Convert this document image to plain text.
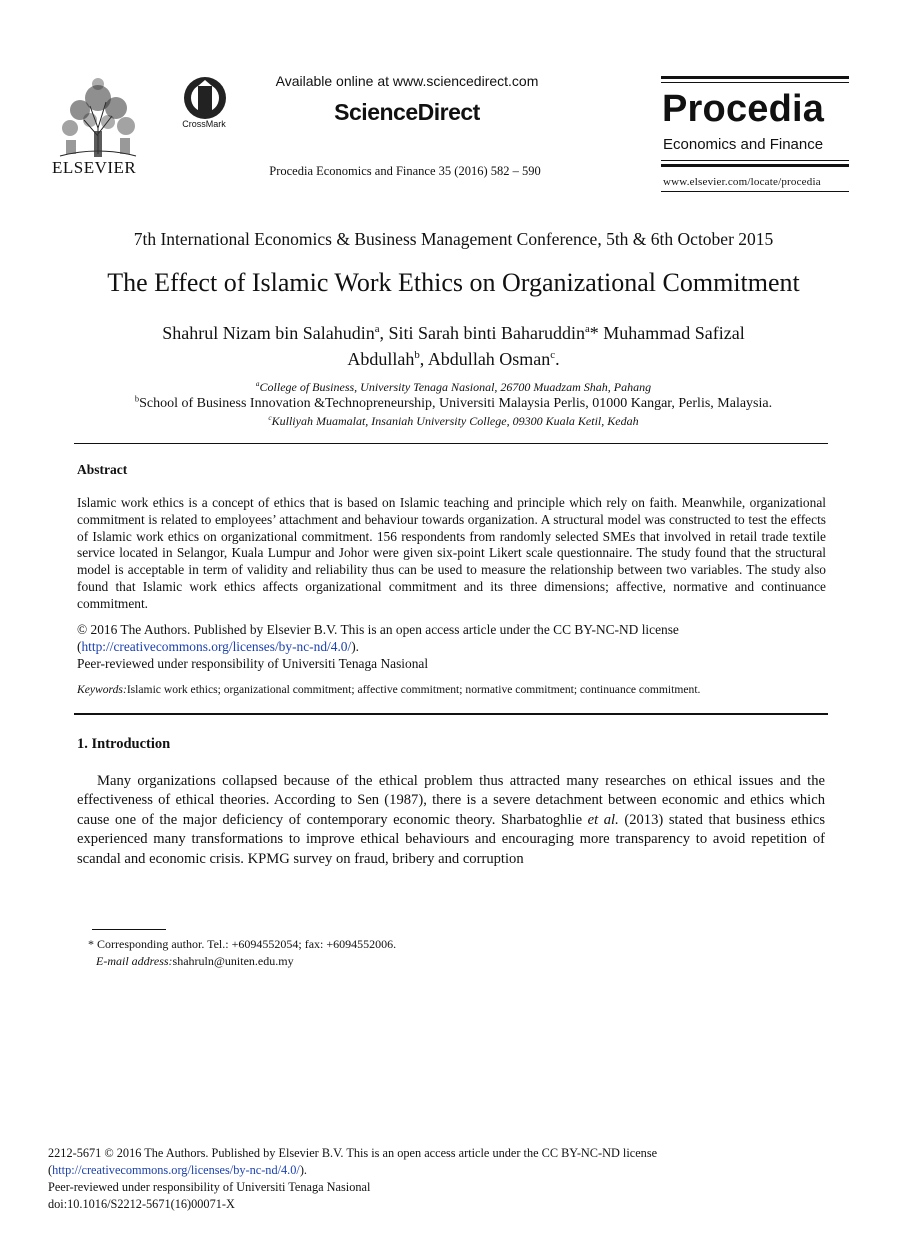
ELSEVIER
CrossMark
Available online at www.sciencedirect.com
ScienceDirect
Procedia Economics and Finance 35 (2016) 582 – 590
Procedia
Economics and Finance
www.elsevier.com/locate/procedia
7th International Economics & Business Management Conference, 5th & 6th October 2015
The Effect of Islamic Work Ethics on Organizational Commitment
Shahrul Nizam bin Salahudin$^a$, Siti Sarah binti Baharuddin$^a$* Muhammad Safizal
Abdullah$^b$, Abdullah Osman$^c$.
$^a$College of Business, University Tenaga Nasional, 26700 Muadzam Shah, Pahang
$^b$School of Business Innovation &Technopreneurship, Universiti Malaysia Perlis, 01000 Kangar, Perlis, Malaysia.
$^c$Kulliyah Muamalat, Insaniah University College, 09300 Kuala Ketil, Kedah
Abstract
Islamic work ethics is a concept of ethics that is based on Islamic teaching and principle which rely on faith. Meanwhile, organizational commitment is related to employees’ attachment and behaviour towards organization. A structural model was constructed to test the effects of Islamic work ethics on organizational commitment. 156 respondents from randomly selected SMEs that involved in retail trade textile service located in Selangor, Kuala Lumpur and Johor were given six-point Likert scale questionnaire. The study found that the structural model is acceptable in term of validity and reliability thus can be used to measure the relationship between two variables. The study also found that Islamic work ethics affects organizational commitment and its three dimensions; affective, normative and continuance commitment.
© 2016 The Authors. Published by Elsevier B.V. This is an open access article under the CC BY-NC-ND license
(http://creativecommons.org/licenses/by-nc-nd/4.0/).
Peer-reviewed under responsibility of Universiti Tenaga Nasional
Keywords:Islamic work ethics; organizational commitment; affective commitment; normative commitment; continuance commitment.
1. Introduction
Many organizations collapsed because of the ethical problem thus attracted many researches on ethical issues and the effectiveness of ethical theories. According to Sen (1987), there is a severe detachment between economic and ethics which cause one of the major deficiency of contemporary economic theory. Sharbatoghlie et al. (2013) stated that business ethics experienced many transformations to improve ethical behaviours and encouraging more transparency to avoid repetition of scandal and economic crisis. KPMG survey on fraud, bribery and corruption
* Corresponding author. Tel.: +6094552054; fax: +6094552006.
E-mail address:shahruln@uniten.edu.my
2212-5671 © 2016 The Authors. Published by Elsevier B.V. This is an open access article under the CC BY-NC-ND license
(http://creativecommons.org/licenses/by-nc-nd/4.0/).
Peer-reviewed under responsibility of Universiti Tenaga Nasional
doi:10.1016/S2212-5671(16)00071-X
